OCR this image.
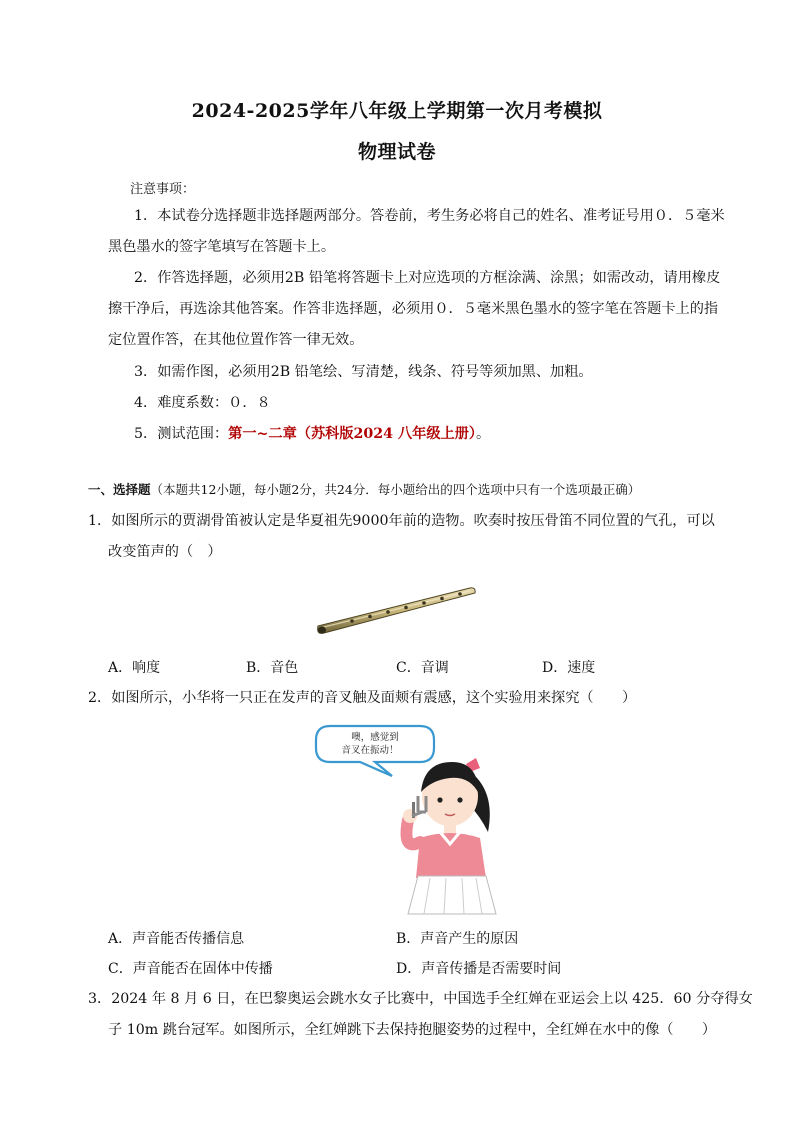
2024-2025学年八年级上学期第一次月考模拟
物理试卷
注意事项：
1．本试卷分选择题非选择题两部分。答卷前，考生务必将自己的姓名、准考证号用０．５毫米
黑色墨水的签字笔填写在答题卡上。
2．作答选择题，必须用2B 铅笔将答题卡上对应选项的方框涂满、涂黑；如需改动，请用橡皮
擦干净后，再选涂其他答案。作答非选择题，必须用０．５毫米黑色墨水的签字笔在答题卡上的指
定位置作答，在其他位置作答一律无效。
3．如需作图，必须用2B 铅笔绘、写清楚，线条、符号等须加黑、加粗。
4．难度系数：０．８
5．测试范围：第一~二章（苏科版2024 八年级上册）。
一、选择题（本题共12小题，每小题2分，共24分．每小题给出的四个选项中只有一个选项最正确）
1．如图所示的贾湖骨笛被认定是华夏祖先9000年前的造物。吹奏时按压骨笛不同位置的气孔，可以
改变笛声的（　）
A．响度	B．音色	C．音调	D．速度
2．如图所示，小华将一只正在发声的音叉触及面颊有震感，这个实验用来探究（　　）
噢，感觉到
音叉在振动！
A．声音能否传播信息	B．声音产生的原因
C．声音能否在固体中传播	D．声音传播是否需要时间
3．2024 年 8 月 6 日，在巴黎奥运会跳水女子比赛中，中国选手全红婵在亚运会上以 425．60 分夺得女
子 10m 跳台冠军。如图所示，全红婵跳下去保持抱腿姿势的过程中，全红婵在水中的像（　　）
